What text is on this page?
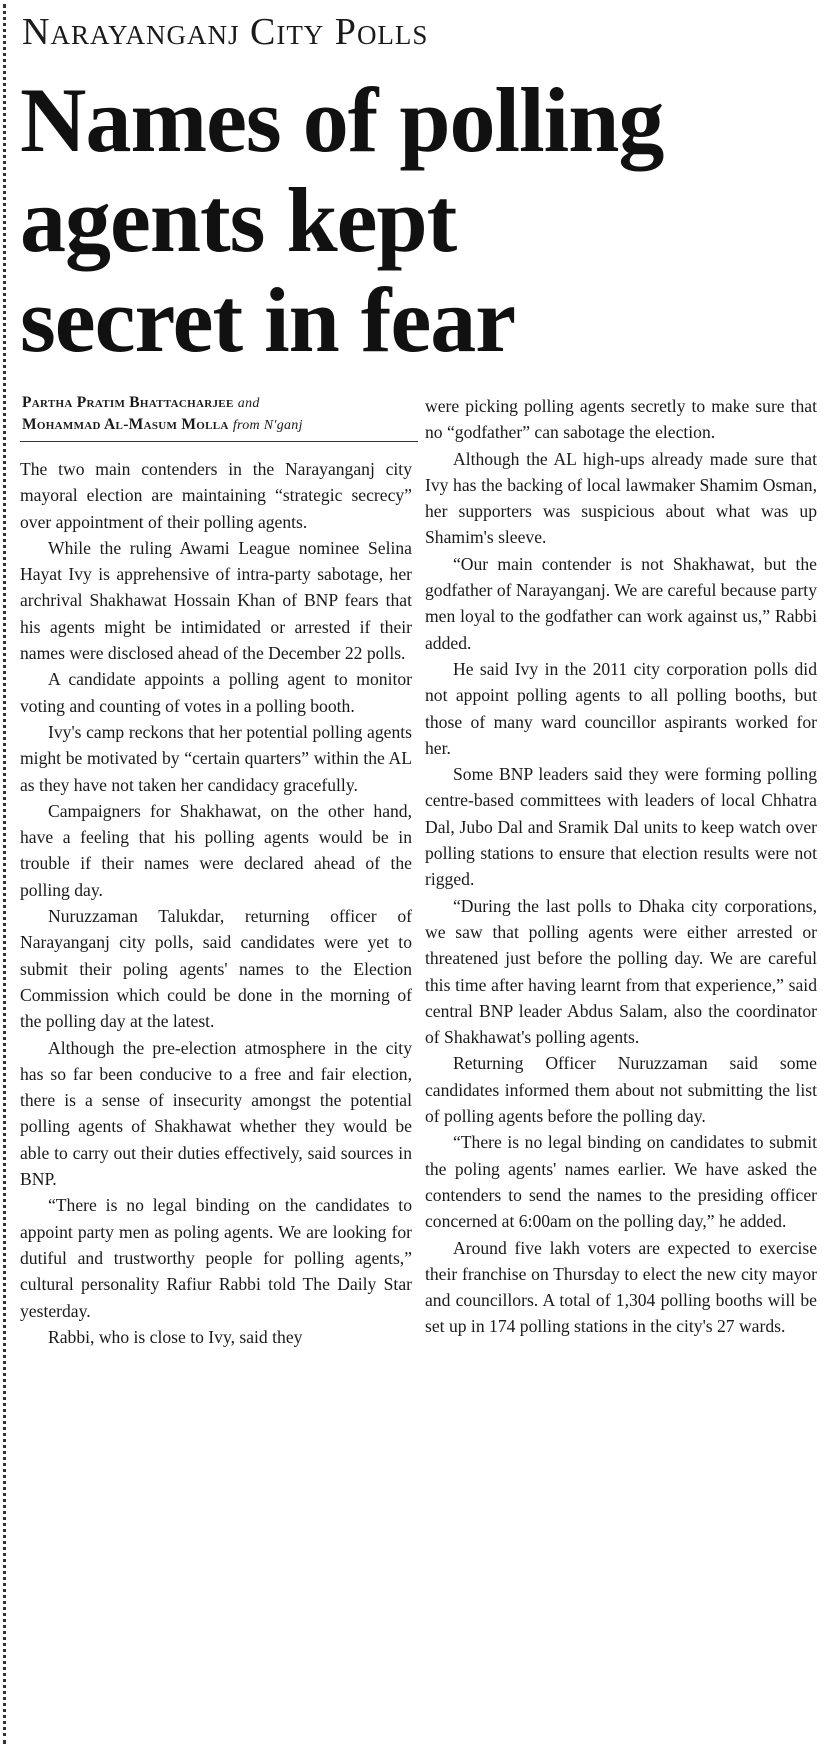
Narayanganj City Polls
Names of polling
agents kept
secret in fear
Partha Pratim Bhattacharjee and
Mohammad Al-Masum Molla from N'ganj

The two main contenders in the Narayanganj city mayoral election are maintaining “strategic secrecy” over appointment of their polling agents.

While the ruling Awami League nominee Selina Hayat Ivy is apprehensive of intra-party sabotage, her archrival Shakhawat Hossain Khan of BNP fears that his agents might be intimidated or arrested if their names were disclosed ahead of the December 22 polls.

A candidate appoints a polling agent to monitor voting and counting of votes in a polling booth.

Ivy's camp reckons that her potential polling agents might be motivated by “certain quarters” within the AL as they have not taken her candidacy gracefully.

Campaigners for Shakhawat, on the other hand, have a feeling that his polling agents would be in trouble if their names were declared ahead of the polling day.

Nuruzzaman Talukdar, returning officer of Narayanganj city polls, said candidates were yet to submit their poling agents' names to the Election Commission which could be done in the morning of the polling day at the latest.

Although the pre-election atmosphere in the city has so far been conducive to a free and fair election, there is a sense of insecurity amongst the potential polling agents of Shakhawat whether they would be able to carry out their duties effectively, said sources in BNP.

“There is no legal binding on the candidates to appoint party men as poling agents. We are looking for dutiful and trustworthy people for polling agents,” cultural personality Rafiur Rabbi told The Daily Star yesterday.

Rabbi, who is close to Ivy, said they

were picking polling agents secretly to make sure that no “godfather” can sabotage the election.

Although the AL high-ups already made sure that Ivy has the backing of local lawmaker Shamim Osman, her supporters was suspicious about what was up Shamim's sleeve.

“Our main contender is not Shakhawat, but the godfather of Narayanganj. We are careful because party men loyal to the godfather can work against us,” Rabbi added.

He said Ivy in the 2011 city corporation polls did not appoint polling agents to all polling booths, but those of many ward councillor aspirants worked for her.

Some BNP leaders said they were forming polling centre-based committees with leaders of local Chhatra Dal, Jubo Dal and Sramik Dal units to keep watch over polling stations to ensure that election results were not rigged.

“During the last polls to Dhaka city corporations, we saw that polling agents were either arrested or threatened just before the polling day. We are careful this time after having learnt from that experience,” said central BNP leader Abdus Salam, also the coordinator of Shakhawat's polling agents.

Returning Officer Nuruzzaman said some candidates informed them about not submitting the list of polling agents before the polling day.

“There is no legal binding on candidates to submit the poling agents' names earlier. We have asked the contenders to send the names to the presiding officer concerned at 6:00am on the polling day,” he added.

Around five lakh voters are expected to exercise their franchise on Thursday to elect the new city mayor and councillors. A total of 1,304 polling booths will be set up in 174 polling stations in the city's 27 wards.
